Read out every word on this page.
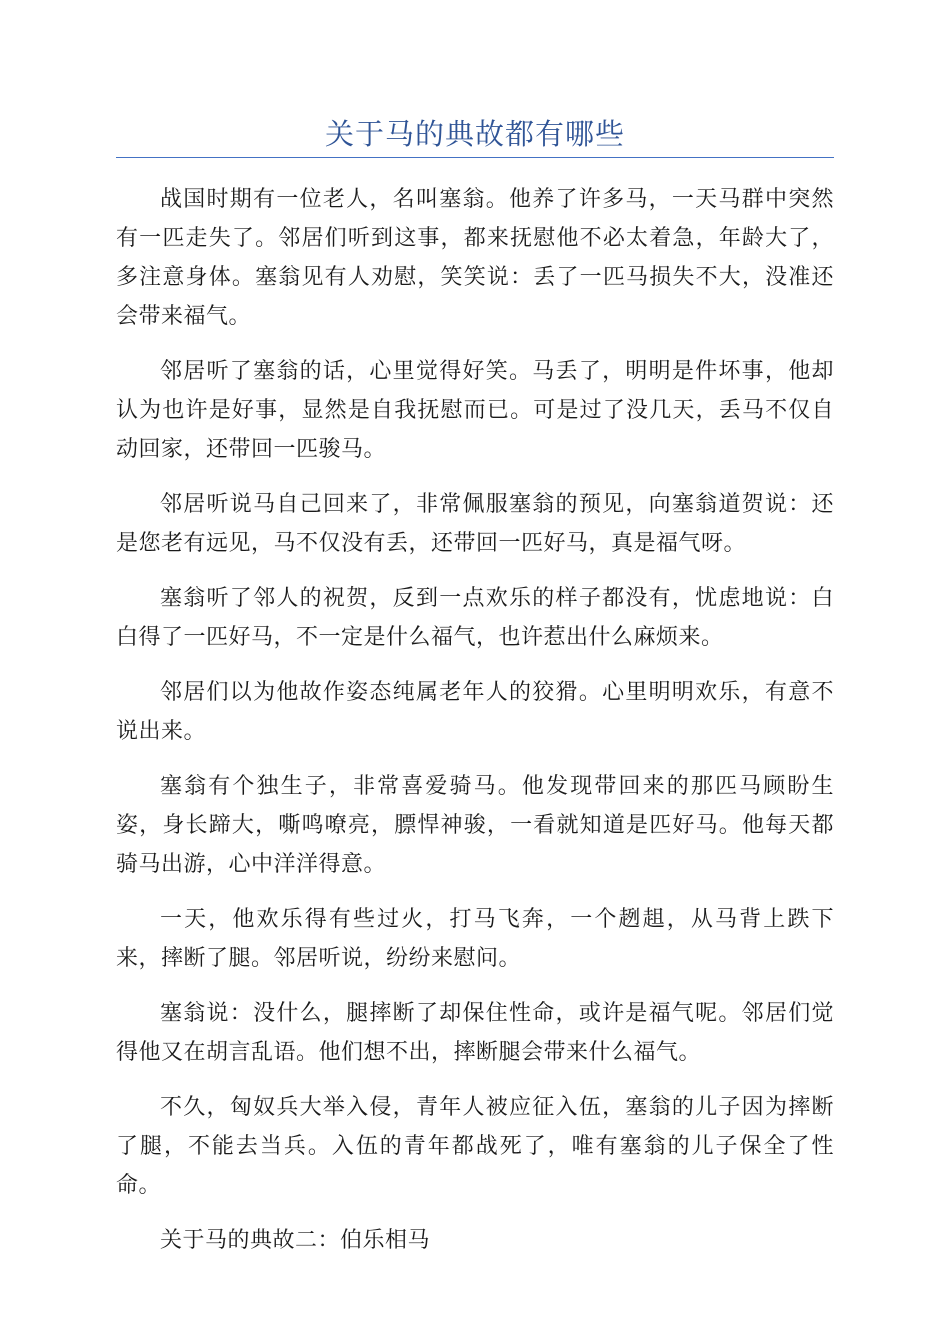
关于马的典故都有哪些

战国时期有一位老人，名叫塞翁。他养了许多马，一天马群中突然有一匹走失了。邻居们听到这事，都来抚慰他不必太着急，年龄大了，多注意身体。塞翁见有人劝慰，笑笑说：丢了一匹马损失不大，没准还会带来福气。

邻居听了塞翁的话，心里觉得好笑。马丢了，明明是件坏事，他却认为也许是好事，显然是自我抚慰而已。可是过了没几天，丢马不仅自动回家，还带回一匹骏马。

邻居听说马自己回来了，非常佩服塞翁的预见，向塞翁道贺说：还是您老有远见，马不仅没有丢，还带回一匹好马，真是福气呀。

塞翁听了邻人的祝贺，反到一点欢乐的样子都没有，忧虑地说：白白得了一匹好马，不一定是什么福气，也许惹出什么麻烦来。

邻居们以为他故作姿态纯属老年人的狡猾。心里明明欢乐，有意不说出来。

塞翁有个独生子，非常喜爱骑马。他发现带回来的那匹马顾盼生姿，身长蹄大，嘶鸣嘹亮，膘悍神骏，一看就知道是匹好马。他每天都骑马出游，心中洋洋得意。

一天，他欢乐得有些过火，打马飞奔，一个趔趄，从马背上跌下来，摔断了腿。邻居听说，纷纷来慰问。

塞翁说：没什么，腿摔断了却保住性命，或许是福气呢。邻居们觉得他又在胡言乱语。他们想不出，摔断腿会带来什么福气。

不久，匈奴兵大举入侵，青年人被应征入伍，塞翁的儿子因为摔断了腿，不能去当兵。入伍的青年都战死了，唯有塞翁的儿子保全了性命。

关于马的典故二：伯乐相马
